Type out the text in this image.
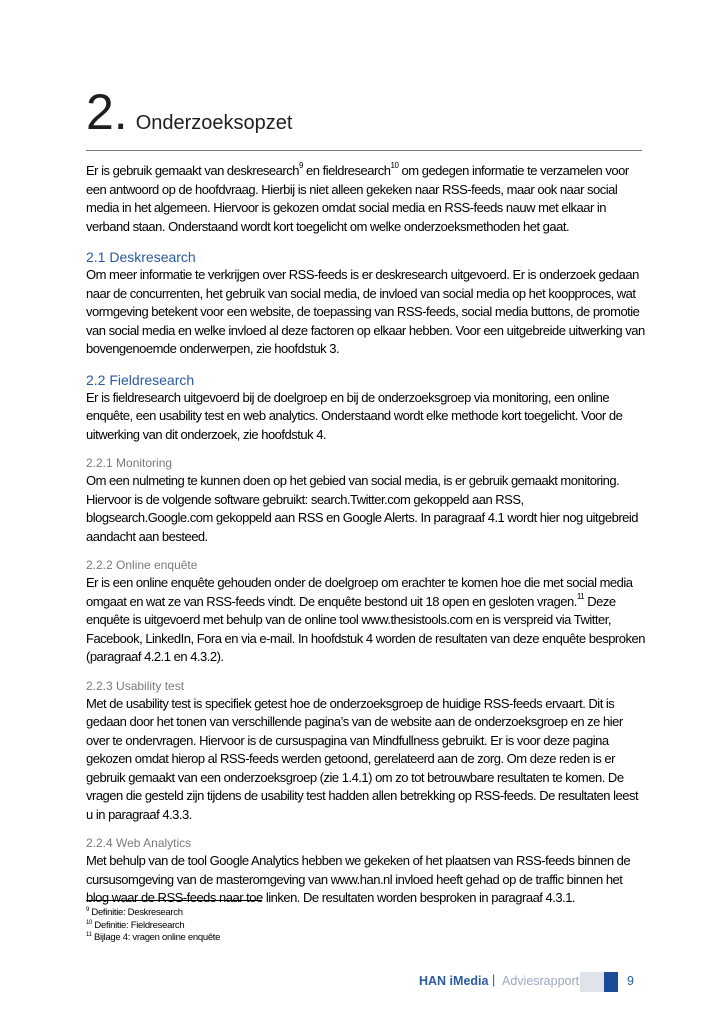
2. Onderzoeksopzet

Er is gebruik gemaakt van deskresearch$^9$ en fieldresearch$^{10}$ om gedegen informatie te verzamelen voor een antwoord op de hoofdvraag. Hierbij is niet alleen gekeken naar RSS-feeds, maar ook naar social media in het algemeen. Hiervoor is gekozen omdat social media en RSS-feeds nauw met elkaar in verband staan. Onderstaand wordt kort toegelicht om welke onderzoeksmethoden het gaat.

2.1 Deskresearch

Om meer informatie te verkrijgen over RSS-feeds is er deskresearch uitgevoerd. Er is onderzoek gedaan naar de concurrenten, het gebruik van social media, de invloed van social media op het koopproces, wat vormgeving betekent voor een website, de toepassing van RSS-feeds, social media buttons, de promotie van social media en welke invloed al deze factoren op elkaar hebben. Voor een uitgebreide uitwerking van bovengenoemde onderwerpen, zie hoofdstuk 3.

2.2 Fieldresearch

Er is fieldresearch uitgevoerd bij de doelgroep en bij de onderzoeksgroep via monitoring, een online enquête, een usability test en web analytics. Onderstaand wordt elke methode kort toegelicht. Voor de uitwerking van dit onderzoek, zie hoofdstuk 4.

2.2.1 Monitoring

Om een nulmeting te kunnen doen op het gebied van social media, is er gebruik gemaakt monitoring. Hiervoor is de volgende software gebruikt: search.Twitter.com gekoppeld aan RSS, blogsearch.Google.com gekoppeld aan RSS en Google Alerts. In paragraaf 4.1 wordt hier nog uitgebreid aandacht aan besteed.

2.2.2 Online enquête

Er is een online enquête gehouden onder de doelgroep om erachter te komen hoe die met social media omgaat en wat ze van RSS-feeds vindt. De enquête bestond uit 18 open en gesloten vragen.$^{11}$ Deze enquête is uitgevoerd met behulp van de online tool www.thesistools.com en is verspreid via Twitter, Facebook, LinkedIn, Fora en via e-mail. In hoofdstuk 4 worden de resultaten van deze enquête besproken (paragraaf 4.2.1 en 4.3.2).

2.2.3 Usability test

Met de usability test is specifiek getest hoe de onderzoeksgroep de huidige RSS-feeds ervaart. Dit is gedaan door het tonen van verschillende pagina’s van de website aan de onderzoeksgroep en ze hier over te ondervragen. Hiervoor is de cursuspagina van Mindfullness gebruikt. Er is voor deze pagina gekozen omdat hierop al RSS-feeds werden getoond, gerelateerd aan de zorg. Om deze reden is er gebruik gemaakt van een onderzoeksgroep (zie 1.4.1) om zo tot betrouwbare resultaten te komen. De vragen die gesteld zijn tijdens de usability test hadden allen betrekking op RSS-feeds. De resultaten leest u in paragraaf 4.3.3.

2.2.4 Web Analytics

Met behulp van de tool Google Analytics hebben we gekeken of het plaatsen van RSS-feeds binnen de cursusomgeving van de masteromgeving van www.han.nl invloed heeft gehad op de traffic binnen het blog waar de RSS-feeds naar toe linken. De resultaten worden besproken in paragraaf 4.3.1.

$^9$ Definitie: Deskresearch
$^{10}$ Definitie: Fieldresearch
$^{11}$ Bijlage 4: vragen online enquête
HAN iMedia | Adviesrapport	9
